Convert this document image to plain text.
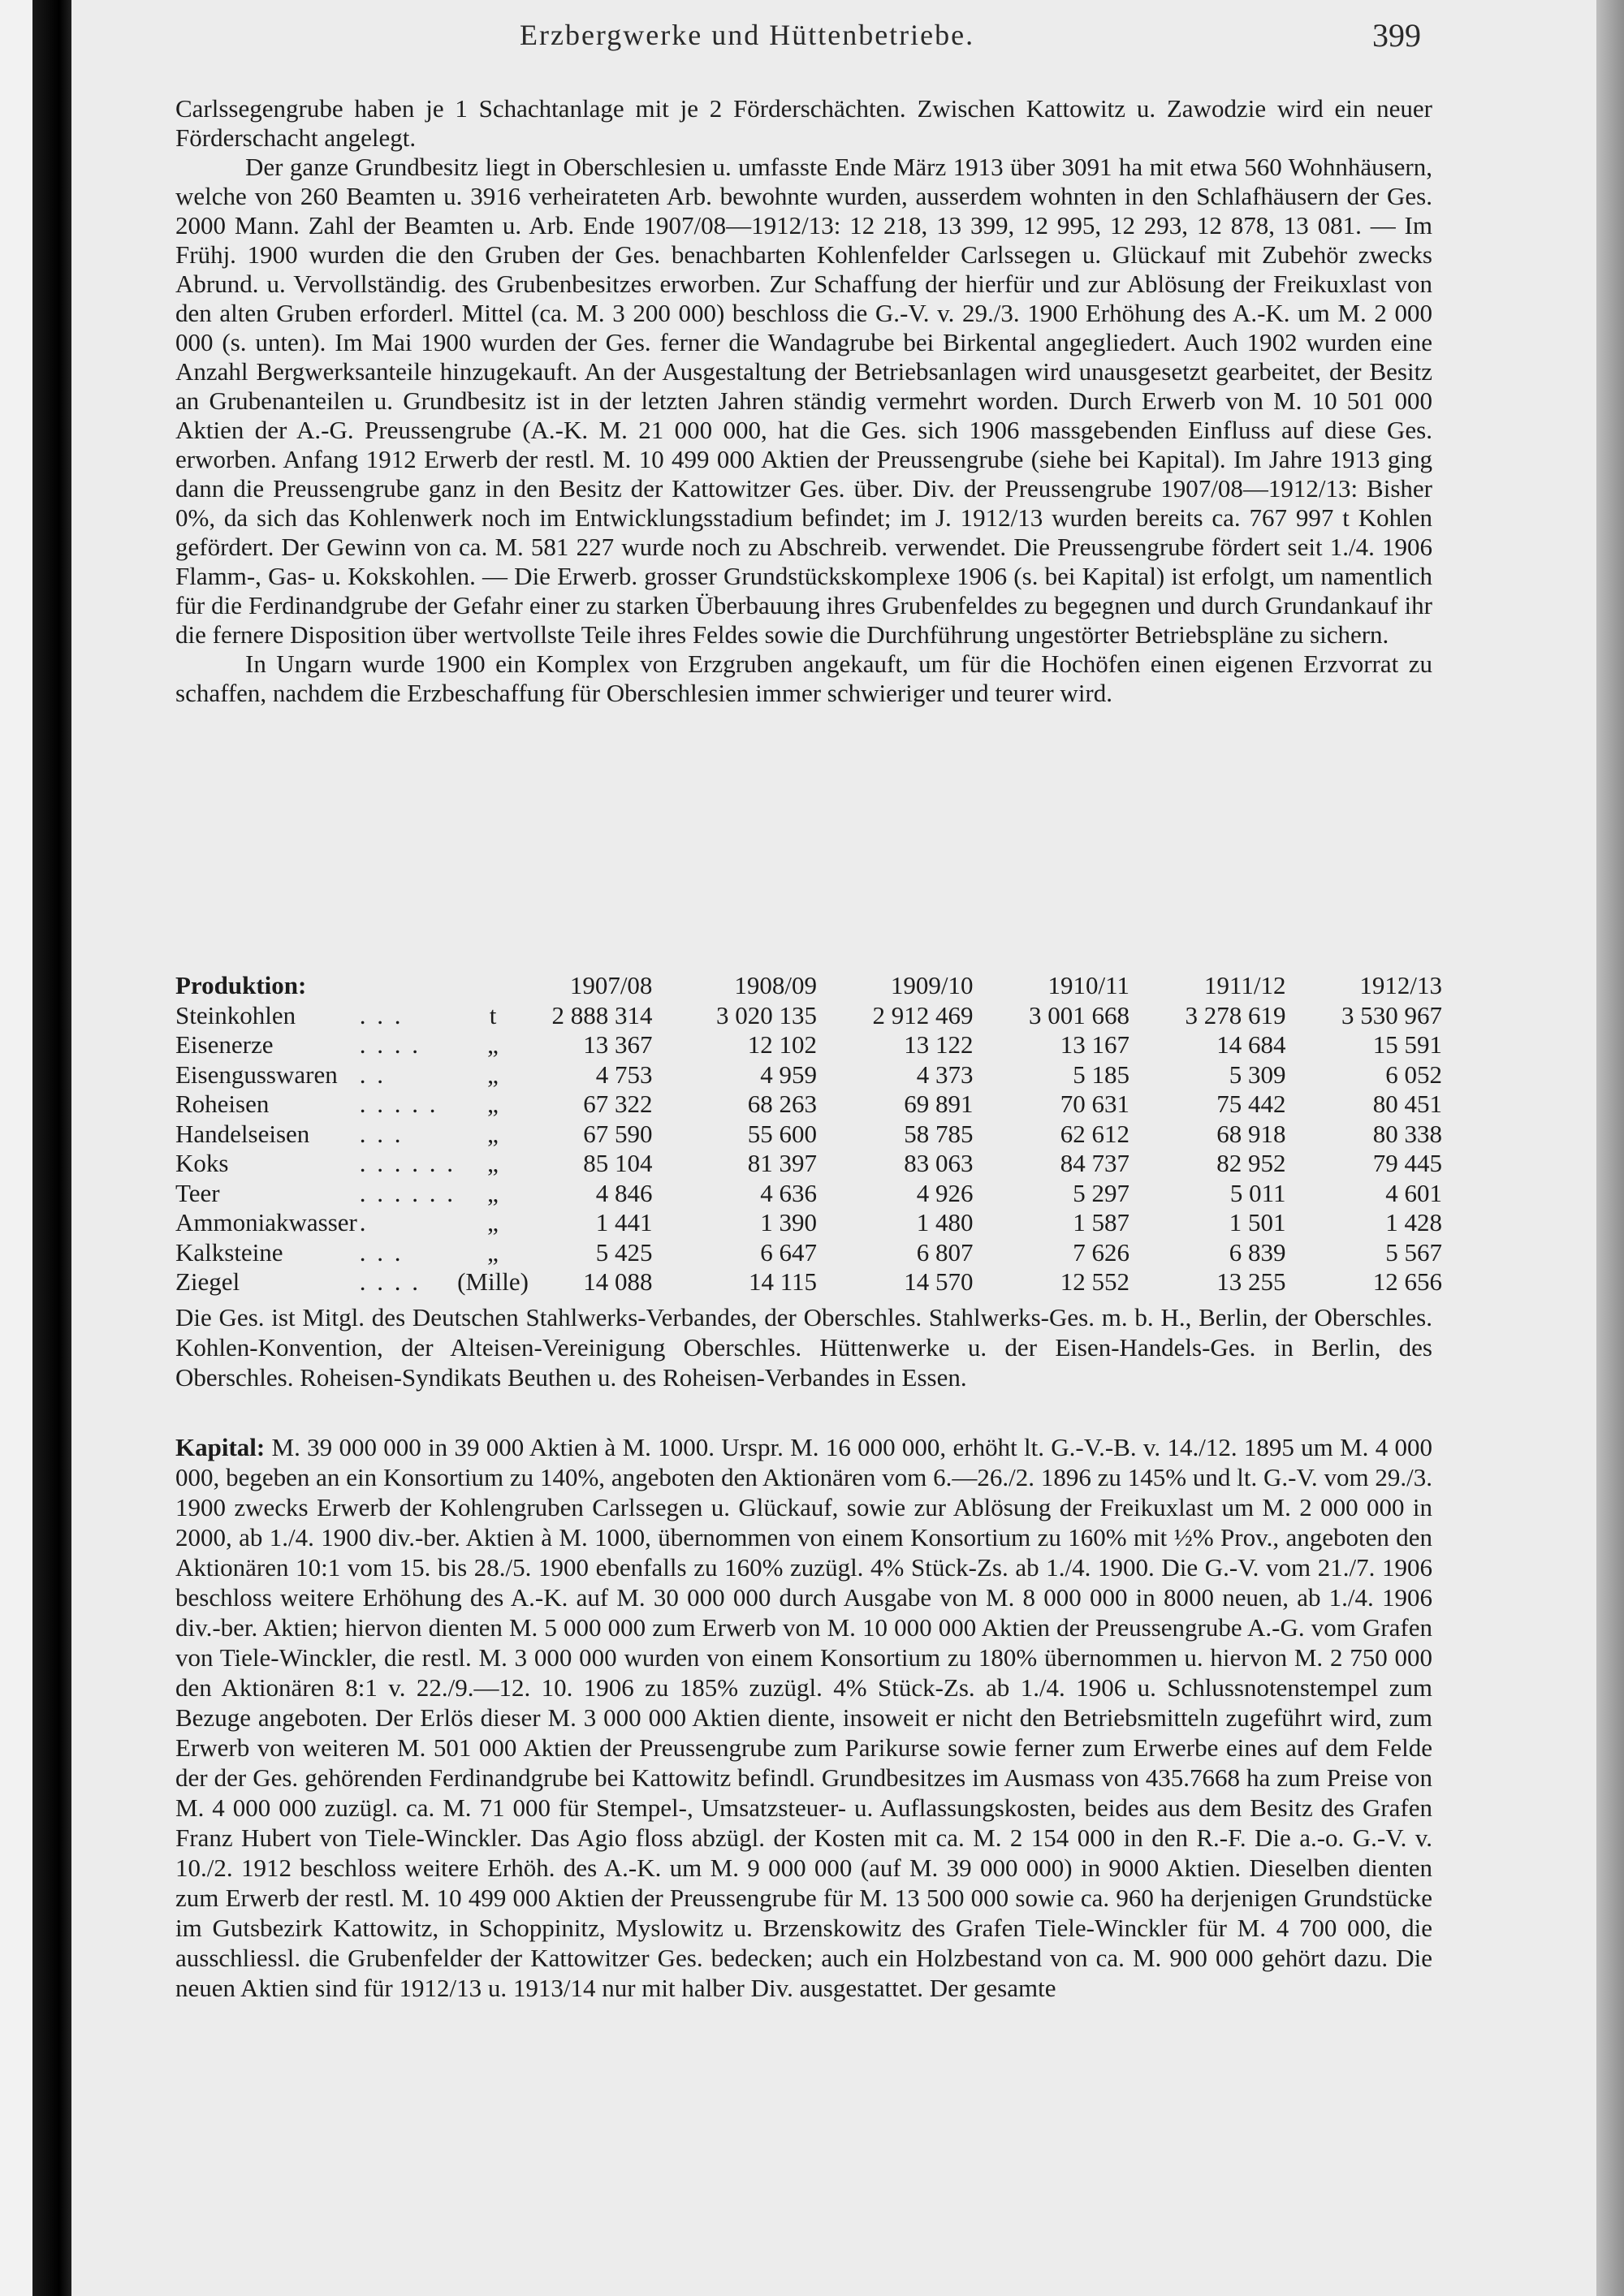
Erzbergwerke und Hüttenbetriebe.	399

Carlssegengrube haben je 1 Schachtanlage mit je 2 Förderschächten. Zwischen Kattowitz u. Zawodzie wird ein neuer Förderschacht angelegt.

Der ganze Grundbesitz liegt in Oberschlesien u. umfasste Ende März 1913 über 3091 ha mit etwa 560 Wohnhäusern, welche von 260 Beamten u. 3916 verheirateten Arb. bewohnte wurden, ausserdem wohnten in den Schlafhäusern der Ges. 2000 Mann. Zahl der Beamten u. Arb. Ende 1907/08—1912/13: 12 218, 13 399, 12 995, 12 293, 12 878, 13 081. — Im Frühj. 1900 wurden die den Gruben der Ges. benachbarten Kohlenfelder Carlssegen u. Glückauf mit Zubehör zwecks Abrund. u. Vervollständig. des Grubenbesitzes erworben. Zur Schaffung der hierfür und zur Ablösung der Freikuxlast von den alten Gruben erforderl. Mittel (ca. M. 3 200 000) beschloss die G.-V. v. 29./3. 1900 Erhöhung des A.-K. um M. 2 000 000 (s. unten). Im Mai 1900 wurden der Ges. ferner die Wandagrube bei Birkental angegliedert. Auch 1902 wurden eine Anzahl Bergwerksanteile hinzugekauft. An der Ausgestaltung der Betriebsanlagen wird unausgesetzt gearbeitet, der Besitz an Grubenanteilen u. Grundbesitz ist in der letzten Jahren ständig vermehrt worden. Durch Erwerb von M. 10 501 000 Aktien der A.-G. Preussengrube (A.-K. M. 21 000 000, hat die Ges. sich 1906 massgebenden Einfluss auf diese Ges. erworben. Anfang 1912 Erwerb der restl. M. 10 499 000 Aktien der Preussengrube (siehe bei Kapital). Im Jahre 1913 ging dann die Preussengrube ganz in den Besitz der Kattowitzer Ges. über. Div. der Preussengrube 1907/08—1912/13: Bisher 0%, da sich das Kohlenwerk noch im Entwicklungsstadium befindet; im J. 1912/13 wurden bereits ca. 767 997 t Kohlen gefördert. Der Gewinn von ca. M. 581 227 wurde noch zu Abschreib. verwendet. Die Preussengrube fördert seit 1./4. 1906 Flamm-, Gas- u. Kokskohlen. — Die Erwerb. grosser Grundstückskomplexe 1906 (s. bei Kapital) ist erfolgt, um namentlich für die Ferdinandgrube der Gefahr einer zu starken Überbauung ihres Grubenfeldes zu begegnen und durch Grundankauf ihr die fernere Disposition über wertvollste Teile ihres Feldes sowie die Durchführung ungestörter Betriebspläne zu sichern.

In Ungarn wurde 1900 ein Komplex von Erzgruben angekauft, um für die Hochöfen einen eigenen Erzvorrat zu schaffen, nachdem die Erzbeschaffung für Oberschlesien immer schwieriger und teurer wird.

Produktion:			1907/08	1908/09	1909/10	1910/11	1911/12	1912/13
Steinkohlen	. . .	t	2 888 314	3 020 135	2 912 469	3 001 668	3 278 619	3 530 967
Eisenerze	. . . .	„	13 367	12 102	13 122	13 167	14 684	15 591
Eisengusswaren	. .	„	4 753	4 959	4 373	5 185	5 309	6 052
Roheisen	. . . . .	„	67 322	68 263	69 891	70 631	75 442	80 451
Handelseisen	. . .	„	67 590	55 600	58 785	62 612	68 918	80 338
Koks	. . . . . .	„	85 104	81 397	83 063	84 737	82 952	79 445
Teer	. . . . . .	„	4 846	4 636	4 926	5 297	5 011	4 601
Ammoniakwasser	.	„	1 441	1 390	1 480	1 587	1 501	1 428
Kalksteine	. . .	„	5 425	6 647	6 807	7 626	6 839	5 567
Ziegel	. . . .	(Mille)	14 088	14 115	14 570	12 552	13 255	12 656

Die Ges. ist Mitgl. des Deutschen Stahlwerks-Verbandes, der Oberschles. Stahlwerks-Ges. m. b. H., Berlin, der Oberschles. Kohlen-Konvention, der Alteisen-Vereinigung Oberschles. Hüttenwerke u. der Eisen-Handels-Ges. in Berlin, des Oberschles. Roheisen-Syndikats Beuthen u. des Roheisen-Verbandes in Essen.

Kapital: M. 39 000 000 in 39 000 Aktien à M. 1000. Urspr. M. 16 000 000, erhöht lt. G.-V.-B. v. 14./12. 1895 um M. 4 000 000, begeben an ein Konsortium zu 140%, angeboten den Aktionären vom 6.—26./2. 1896 zu 145% und lt. G.-V. vom 29./3. 1900 zwecks Erwerb der Kohlengruben Carlssegen u. Glückauf, sowie zur Ablösung der Freikuxlast um M. 2 000 000 in 2000, ab 1./4. 1900 div.-ber. Aktien à M. 1000, übernommen von einem Konsortium zu 160% mit ½% Prov., angeboten den Aktionären 10:1 vom 15. bis 28./5. 1900 ebenfalls zu 160% zuzügl. 4% Stück-Zs. ab 1./4. 1900. Die G.-V. vom 21./7. 1906 beschloss weitere Erhöhung des A.-K. auf M. 30 000 000 durch Ausgabe von M. 8 000 000 in 8000 neuen, ab 1./4. 1906 div.-ber. Aktien; hiervon dienten M. 5 000 000 zum Erwerb von M. 10 000 000 Aktien der Preussengrube A.-G. vom Grafen von Tiele-Winckler, die restl. M. 3 000 000 wurden von einem Konsortium zu 180% übernommen u. hiervon M. 2 750 000 den Aktionären 8:1 v. 22./9.—12. 10. 1906 zu 185% zuzügl. 4% Stück-Zs. ab 1./4. 1906 u. Schlussnotenstempel zum Bezuge angeboten. Der Erlös dieser M. 3 000 000 Aktien diente, insoweit er nicht den Betriebsmitteln zugeführt wird, zum Erwerb von weiteren M. 501 000 Aktien der Preussengrube zum Parikurse sowie ferner zum Erwerbe eines auf dem Felde der der Ges. gehörenden Ferdinandgrube bei Kattowitz befindl. Grundbesitzes im Ausmass von 435.7668 ha zum Preise von M. 4 000 000 zuzügl. ca. M. 71 000 für Stempel-, Umsatzsteuer- u. Auflassungskosten, beides aus dem Besitz des Grafen Franz Hubert von Tiele-Winckler. Das Agio floss abzügl. der Kosten mit ca. M. 2 154 000 in den R.-F. Die a.-o. G.-V. v. 10./2. 1912 beschloss weitere Erhöh. des A.-K. um M. 9 000 000 (auf M. 39 000 000) in 9000 Aktien. Dieselben dienten zum Erwerb der restl. M. 10 499 000 Aktien der Preussengrube für M. 13 500 000 sowie ca. 960 ha derjenigen Grundstücke im Gutsbezirk Kattowitz, in Schoppinitz, Myslowitz u. Brzenskowitz des Grafen Tiele-Winckler für M. 4 700 000, die ausschliessl. die Grubenfelder der Kattowitzer Ges. bedecken; auch ein Holzbestand von ca. M. 900 000 gehört dazu. Die neuen Aktien sind für 1912/13 u. 1913/14 nur mit halber Div. ausgestattet. Der gesamte
